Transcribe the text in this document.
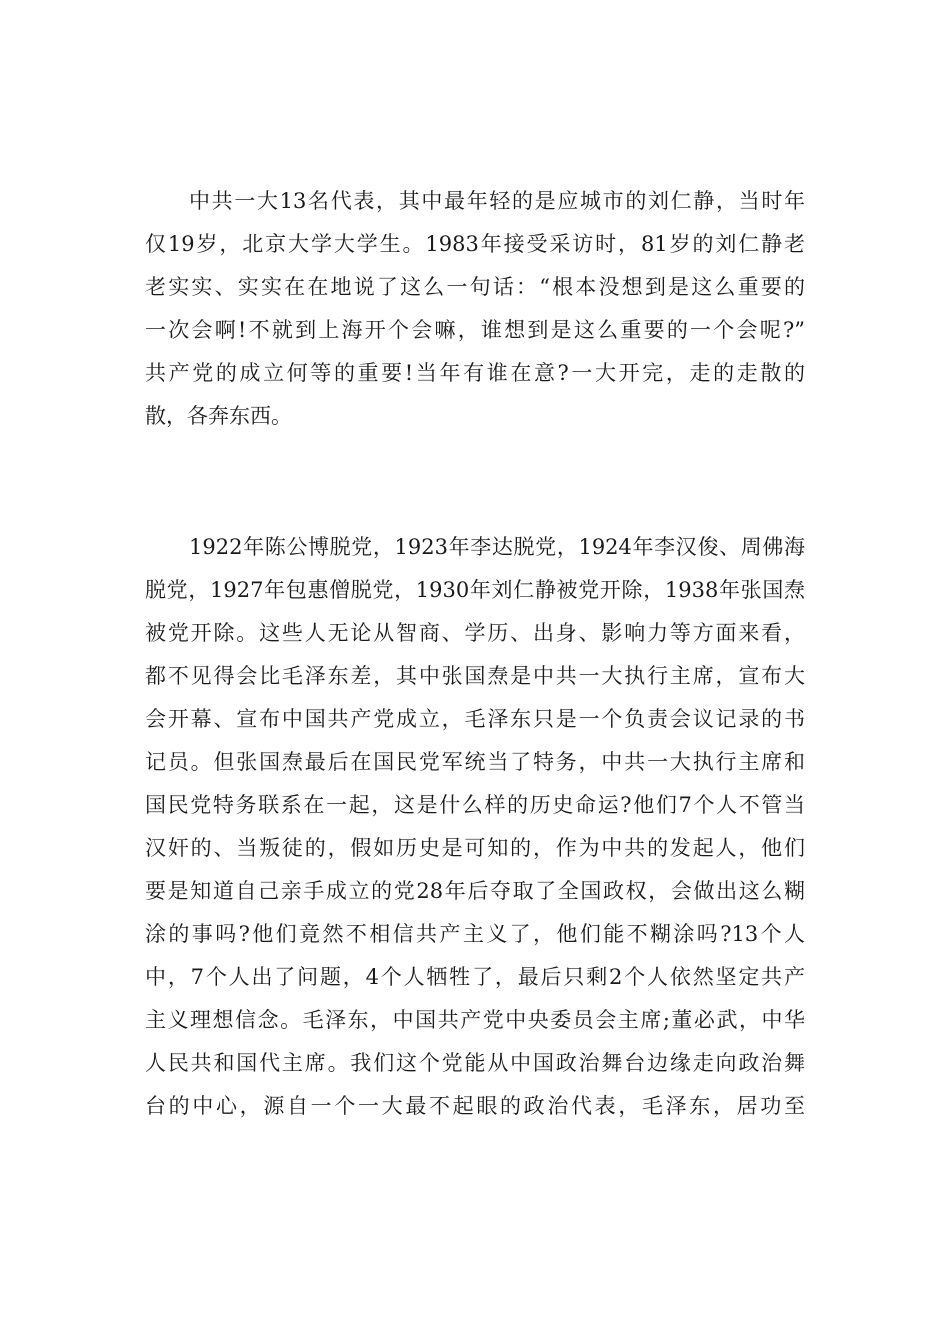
中共一大13名代表，其中最年轻的是应城市的刘仁静，当时年
仅19岁，北京大学大学生。1983年接受采访时，81岁的刘仁静老
老实实、实实在在地说了这么一句话：“根本没想到是这么重要的
一次会啊!不就到上海开个会嘛，谁想到是这么重要的一个会呢?”
共产党的成立何等的重要!当年有谁在意?一大开完，走的走散的
散，各奔东西。
1922年陈公博脱党，1923年李达脱党，1924年李汉俊、周佛海
脱党，1927年包惠僧脱党，1930年刘仁静被党开除，1938年张国焘
被党开除。这些人无论从智商、学历、出身、影响力等方面来看，
都不见得会比毛泽东差，其中张国焘是中共一大执行主席，宣布大
会开幕、宣布中国共产党成立，毛泽东只是一个负责会议记录的书
记员。但张国焘最后在国民党军统当了特务，中共一大执行主席和
国民党特务联系在一起，这是什么样的历史命运?他们7个人不管当
汉奸的、当叛徒的，假如历史是可知的，作为中共的发起人，他们
要是知道自己亲手成立的党28年后夺取了全国政权，会做出这么糊
涂的事吗?他们竟然不相信共产主义了，他们能不糊涂吗?13个人
中，7个人出了问题，4个人牺牲了，最后只剩2个人依然坚定共产
主义理想信念。毛泽东，中国共产党中央委员会主席;董必武，中华
人民共和国代主席。我们这个党能从中国政治舞台边缘走向政治舞
台的中心，源自一个一大最不起眼的政治代表，毛泽东，居功至
